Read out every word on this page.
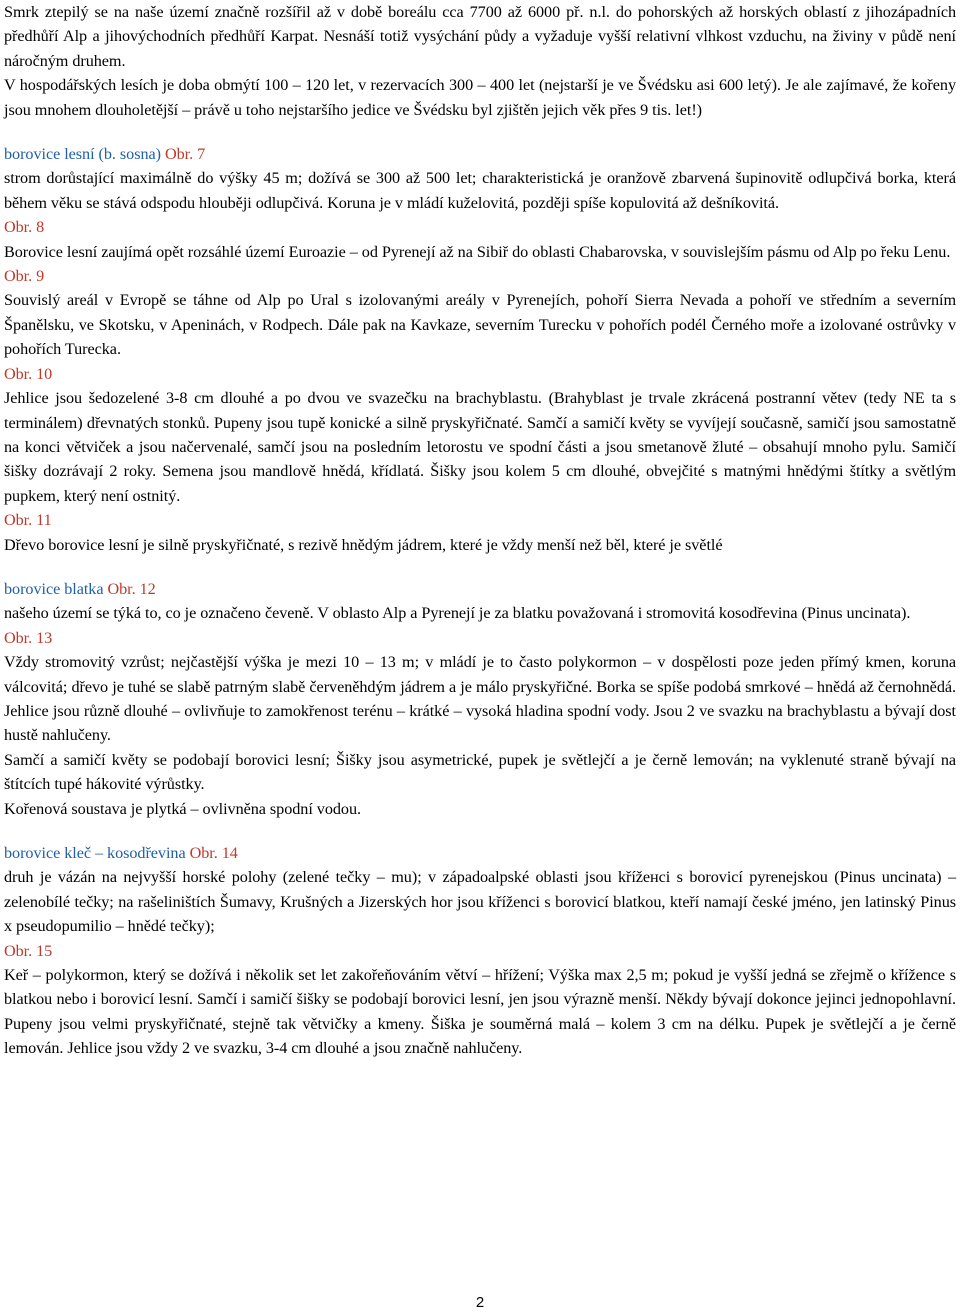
Smrk ztepilý se na naše území značně rozšířil až v době boreálu cca 7700 až 6000 př. n.l. do pohorských až horských oblastí z jihozápadních předhůří Alp a jihovýchodních předhůří Karpat. Nesnáší totiž vysýchání půdy a vyžaduje vyšší relativní vlhkost vzduchu, na živiny v půdě není náročným druhem.

V hospodářských lesích je doba obmýtí 100 – 120 let, v rezervacích 300 – 400 let (nejstarší je ve Švédsku asi 600 letý). Je ale zajímavé, že kořeny jsou mnohem dlouholetější – právě u toho nejstaršího jedice ve Švédsku byl zjištěn jejich věk přes 9 tis. let!)

borovice lesní (b. sosna) Obr. 7

strom dorůstající maximálně do výšky 45 m; dožívá se 300 až 500 let; charakteristická je oranžově zbarvená šupinovitě odlupčivá borka, která během věku se stává odspodu hlouběji odlupčivá. Koruna je v mládí kuželovitá, později spíše kopulovitá až dešníkovitá.

Obr. 8

Borovice lesní zaujímá opět rozsáhlé území Euroazie – od Pyrenejí až na Sibiř do oblasti Chabarovska, v souvislejším pásmu od Alp po řeku Lenu.

Obr. 9

Souvislý areál v Evropě se táhne od Alp po Ural s izolovanými areály v Pyrenejích, pohoří Sierra Nevada a pohoří ve středním a severním Španělsku, ve Skotsku, v Apeninách, v Rodpech. Dále pak na Kavkaze, severním Turecku v pohořích podél Černého moře a izolované ostrůvky v pohořích Turecka.

Obr. 10

Jehlice jsou šedozelené 3-8 cm dlouhé a po dvou ve svazečku na brachyblastu. (Brahyblast je trvale zkrácená postranní větev (tedy NE ta s terminálem) dřevnatých stonků. Pupeny jsou tupě konické a silně pryskyřičnaté. Samčí a samičí květy se vyvíjejí současně, samičí jsou samostatně na konci větviček a jsou načervenalé, samčí jsou na posledním letorostu ve spodní části a jsou smetanově žluté – obsahují mnoho pylu. Samičí šišky dozrávají 2 roky. Semena jsou mandlově hnědá, křídlatá. Šišky jsou kolem 5 cm dlouhé, obvejčité s matnými hnědými štítky a světlým pupkem, který není ostnitý.

Obr. 11

Dřevo borovice lesní je silně pryskyřičnaté, s rezivě hnědým jádrem, které je vždy menší než běl, které je světlé

borovice blatka Obr. 12

našeho území se týká to, co je označeno čeveně. V oblasto Alp a Pyrenejí je za blatku považovaná i stromovitá kosodřevina (Pinus uncinata).

Obr. 13

Vždy stromovitý vzrůst; nejčastější výška je mezi 10 – 13 m; v mládí je to často polykormon – v dospělosti poze jeden přímý kmen, koruna válcovitá; dřevo je tuhé se slabě patrným slabě červeněhdým jádrem a je málo pryskyřičné. Borka se spíše podobá smrkové – hnědá až černohnědá. Jehlice jsou různě dlouhé – ovlivňuje to zamokřenost terénu – krátké – vysoká hladina spodní vody. Jsou 2 ve svazku na brachyblastu a bývají dost hustě nahlučeny.

Samčí a samičí květy se podobají borovici lesní; Šišky jsou asymetrické, pupek je světlejčí a je černě lemován; na vyklenuté straně bývají na štítcích tupé hákovité výrůstky.

Kořenová soustava je plytká – ovlivněna spodní vodou.

borovice kleč – kosodřevina Obr. 14

druh je vázán na nejvyšší horské polohy (zelené tečky – mu); v západoalpské oblasti jsou křížенci s borovicí pyrenejskou (Pinus uncinata) – zelenobílé tečky; na rašeliništích Šumavy, Krušných a Jizerských hor jsou kříženci s borovicí blatkou, kteří namají české jméno, jen latinský Pinus x pseudopumilio – hnědé tečky);

Obr. 15

Keř – polykormon, který se dožívá i několik set let zakořeňováním větví – hřížení; Výška max 2,5 m; pokud je vyšší jedná se zřejmě o křížence s blatkou nebo i borovicí lesní. Samčí i samičí šišky se podobají borovici lesní, jen jsou výrazně menší. Někdy bývají dokonce jejinci jednopohlavní. Pupeny jsou velmi pryskyřičnaté, stejně tak větvičky a kmeny. Šiška je souměrná malá – kolem 3 cm na délku. Pupek je světlejčí a je černě lemován. Jehlice jsou vždy 2 ve svazku, 3-4 cm dlouhé a jsou značně nahlučeny.

2
